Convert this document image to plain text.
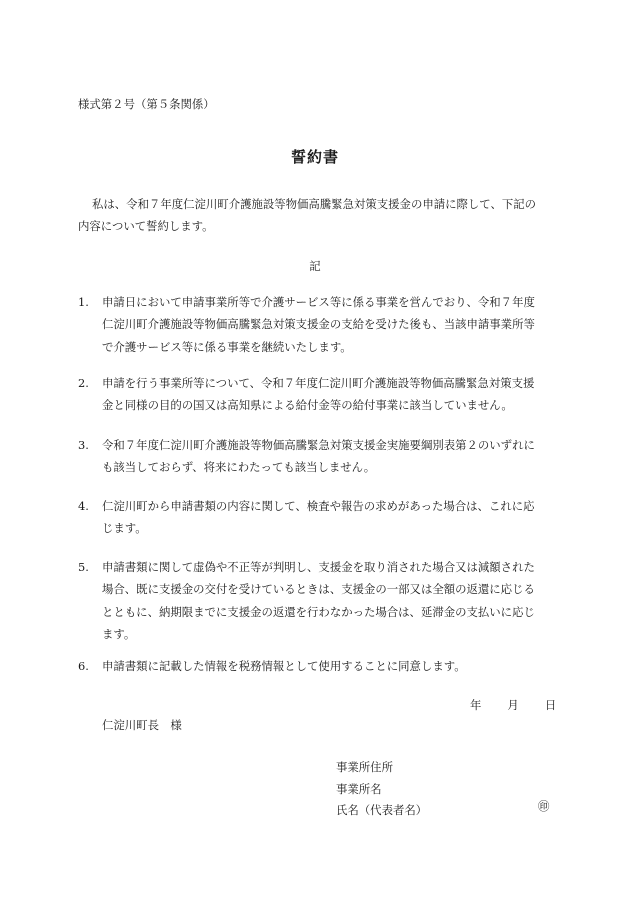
様式第２号（第５条関係）
誓約書
私は、令和７年度仁淀川町介護施設等物価高騰緊急対策支援金の申請に際して、下記の
内容について誓約します。
記
1. 申請日において申請事業所等で介護サービス等に係る事業を営んでおり、令和７年度
仁淀川町介護施設等物価高騰緊急対策支援金の支給を受けた後も、当該申請事業所等
で介護サービス等に係る事業を継続いたします。
2. 申請を行う事業所等について、令和７年度仁淀川町介護施設等物価高騰緊急対策支援
金と同様の目的の国又は高知県による給付金等の給付事業に該当していません。
3. 令和７年度仁淀川町介護施設等物価高騰緊急対策支援金実施要綱別表第２のいずれに
も該当しておらず、将来にわたっても該当しません。
4. 仁淀川町から申請書類の内容に関して、検査や報告の求めがあった場合は、これに応
じます。
5. 申請書類に関して虚偽や不正等が判明し、支援金を取り消された場合又は減額された
場合、既に支援金の交付を受けているときは、支援金の一部又は全額の返還に応じる
とともに、納期限までに支援金の返還を行わなかった場合は、延滞金の支払いに応じ
ます。
6. 申請書類に記載した情報を税務情報として使用することに同意します。
年 月 日
仁淀川町長　様
事業所住所
事業所名
氏名（代表者名）	㊞
